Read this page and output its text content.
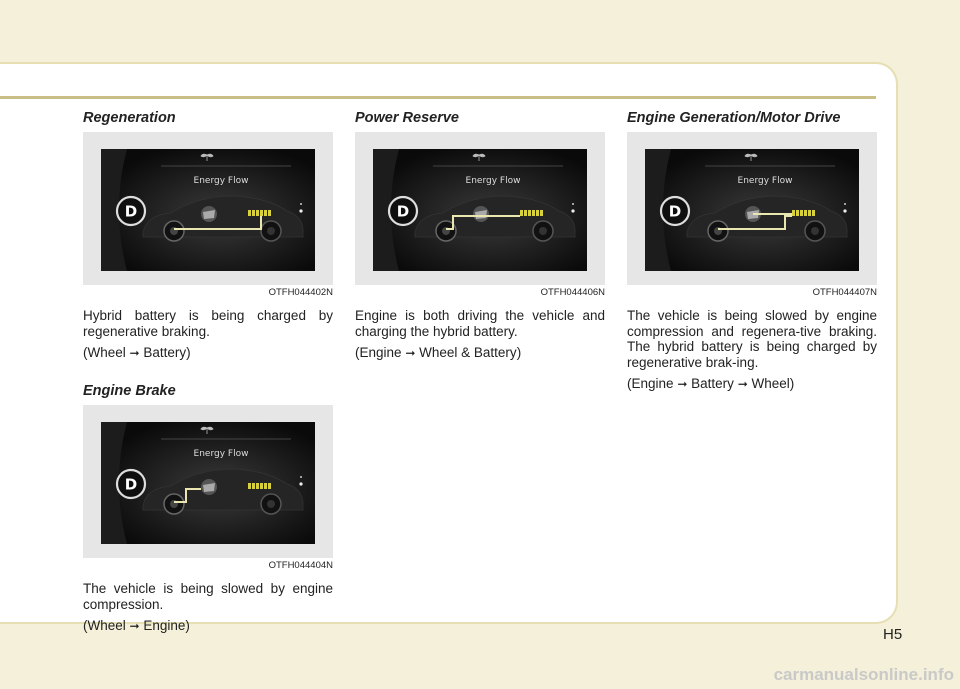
Regeneration
Energy Flow
D
OTFH044402N

Hybrid battery is being charged by regenerative braking.

(Wheel ➞ Battery)
Engine Brake
Energy Flow
D
OTFH044404N

The vehicle is being slowed by engine compression.

(Wheel ➞ Engine)
Power Reserve
Energy Flow
D
OTFH044406N

Engine is both driving the vehicle and charging the hybrid battery.

(Engine ➞ Wheel & Battery)
Engine Generation/Motor Drive
Energy Flow
D
OTFH044407N

The vehicle is being slowed by engine compression and regenera-tive braking. The hybrid battery is being charged by regenerative brak-ing.

(Engine ➞ Battery ➞ Wheel)
H5
carmanualsonline.info
